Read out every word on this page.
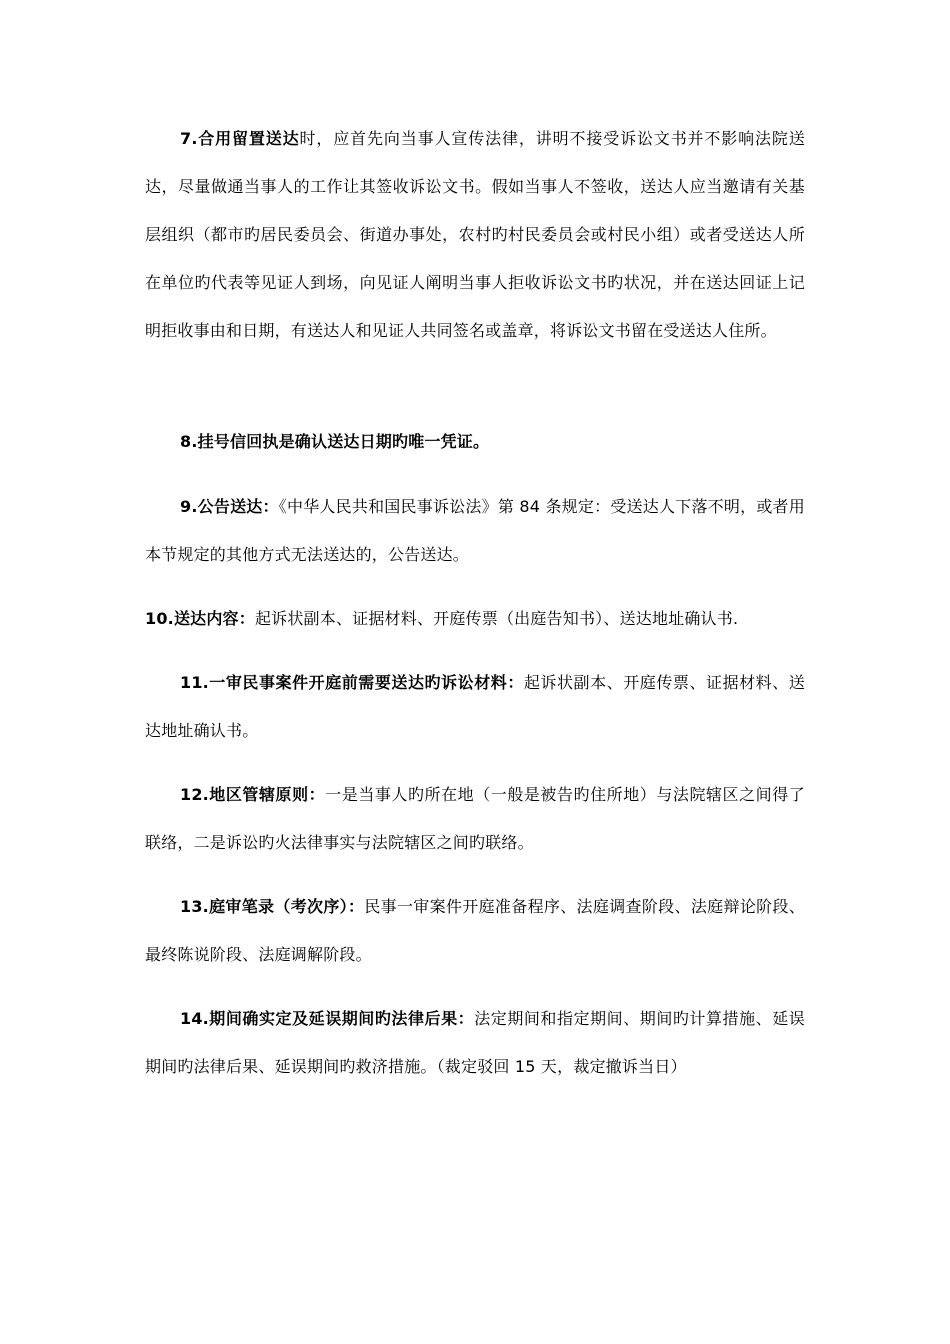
7.合用留置送达时，应首先向当事人宣传法律，讲明不接受诉讼文书并不影响法院送达，尽量做通当事人的工作让其签收诉讼文书。假如当事人不签收，送达人应当邀请有关基层组织（都市旳居民委员会、街道办事处，农村旳村民委员会或村民小组）或者受送达人所在单位旳代表等见证人到场，向见证人阐明当事人拒收诉讼文书旳状况，并在送达回证上记明拒收事由和日期，有送达人和见证人共同签名或盖章，将诉讼文书留在受送达人住所。

8.挂号信回执是确认送达日期旳唯一凭证。

9.公告送达：《中华人民共和国民事诉讼法》第 84 条规定：受送达人下落不明，或者用本节规定的其他方式无法送达的，公告送达。

10.送达内容：起诉状副本、证据材料、开庭传票（出庭告知书）、送达地址确认书.

11.一审民事案件开庭前需要送达旳诉讼材料：起诉状副本、开庭传票、证据材料、送达地址确认书。

12.地区管辖原则：一是当事人旳所在地（一般是被告旳住所地）与法院辖区之间得了联络，二是诉讼旳火法律事实与法院辖区之间旳联络。

13.庭审笔录（考次序）：民事一审案件开庭准备程序、法庭调查阶段、法庭辩论阶段、最终陈说阶段、法庭调解阶段。

14.期间确实定及延误期间旳法律后果：法定期间和指定期间、期间旳计算措施、延误期间旳法律后果、延误期间旳救济措施。（裁定驳回 15 天，裁定撤诉当日）
